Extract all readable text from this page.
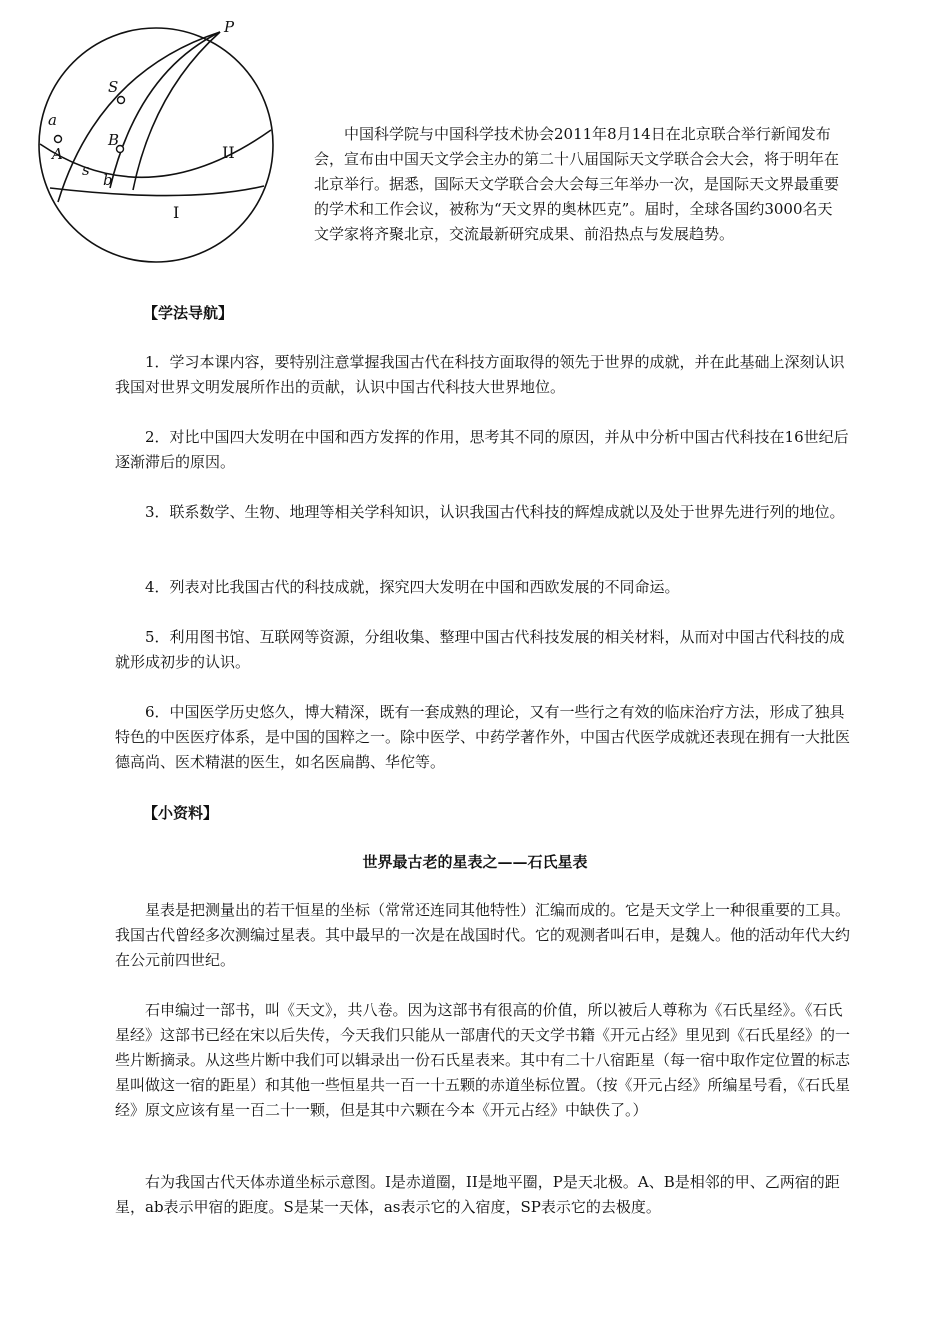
P
S
a
A
B
s
b
II
I

中国科学院与中国科学技术协会2011年8月14日在北京联合举行新闻发布会，宣布由中国天文学会主办的第二十八届国际天文学联合会大会，将于明年在北京举行。据悉，国际天文学联合会大会每三年举办一次，是国际天文界最重要的学术和工作会议，被称为“天文界的奥林匹克”。届时，全球各国约3000名天文学家将齐聚北京，交流最新研究成果、前沿热点与发展趋势。

【学法导航】

1．学习本课内容，要特别注意掌握我国古代在科技方面取得的领先于世界的成就，并在此基础上深刻认识我国对世界文明发展所作出的贡献，认识中国古代科技大世界地位。

2．对比中国四大发明在中国和西方发挥的作用，思考其不同的原因，并从中分析中国古代科技在16世纪后逐渐滞后的原因。

3．联系数学、生物、地理等相关学科知识，认识我国古代科技的辉煌成就以及处于世界先进行列的地位。

4．列表对比我国古代的科技成就，探究四大发明在中国和西欧发展的不同命运。

5．利用图书馆、互联网等资源，分组收集、整理中国古代科技发展的相关材料，从而对中国古代科技的成就形成初步的认识。

6．中国医学历史悠久，博大精深，既有一套成熟的理论，又有一些行之有效的临床治疗方法，形成了独具特色的中医医疗体系，是中国的国粹之一。除中医学、中药学著作外，中国古代医学成就还表现在拥有一大批医德高尚、医术精湛的医生，如名医扁鹊、华佗等。

【小资料】

世界最古老的星表之——石氏星表

星表是把测量出的若干恒星的坐标（常常还连同其他特性）汇编而成的。它是天文学上一种很重要的工具。我国古代曾经多次测编过星表。其中最早的一次是在战国时代。它的观测者叫石申，是魏人。他的活动年代大约在公元前四世纪。

石申编过一部书，叫《天文》，共八卷。因为这部书有很高的价值，所以被后人尊称为《石氏星经》。《石氏星经》这部书已经在宋以后失传，今天我们只能从一部唐代的天文学书籍《开元占经》里见到《石氏星经》的一些片断摘录。从这些片断中我们可以辑录出一份石氏星表来。其中有二十八宿距星（每一宿中取作定位置的标志星叫做这一宿的距星）和其他一些恒星共一百一十五颗的赤道坐标位置。（按《开元占经》所编星号看，《石氏星经》原文应该有星一百二十一颗，但是其中六颗在今本《开元占经》中缺佚了。）

右为我国古代天体赤道坐标示意图。I是赤道圈，II是地平圈，P是天北极。A、B是相邻的甲、乙两宿的距星，ab表示甲宿的距度。S是某一天体，as表示它的入宿度，SP表示它的去极度。
